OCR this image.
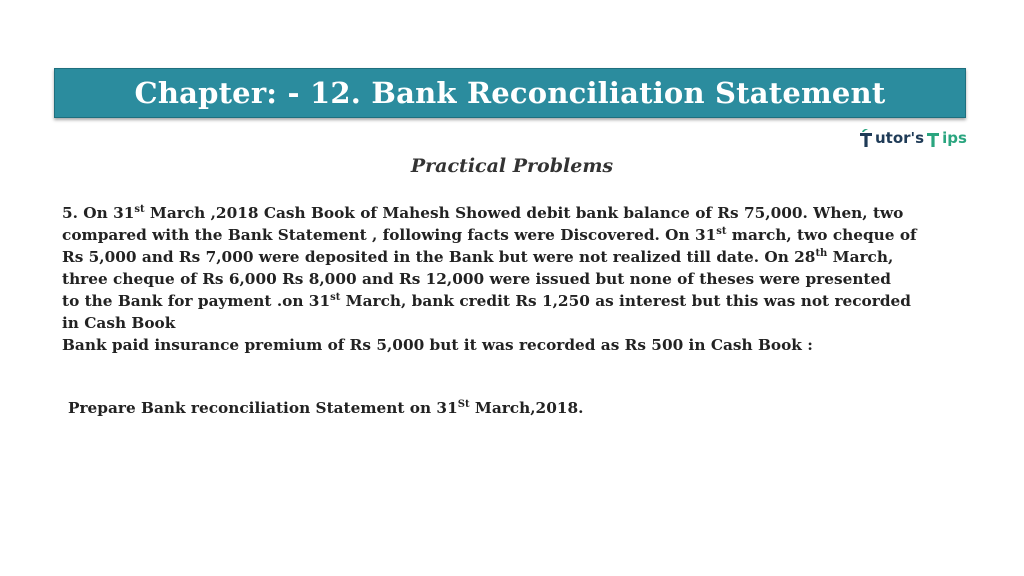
Chapter: - 12. Bank Reconciliation Statement
utor's ips
Practical Problems

5. On 31st March ,2018 Cash Book of Mahesh Showed debit bank balance of Rs 75,000. When, two

compared with the Bank Statement , following facts were Discovered. On 31st march, two cheque of

Rs 5,000 and Rs 7,000 were deposited in the Bank but were not realized till date. On 28th March,

three cheque of Rs 6,000 Rs 8,000 and Rs 12,000 were issued but none of theses were presented

to the Bank for payment .on 31st March, bank credit Rs 1,250 as interest but this was not recorded

in Cash Book

Bank paid insurance premium of Rs 5,000 but it was recorded as Rs 500 in Cash Book :

Prepare Bank reconciliation Statement on 31St March,2018.
